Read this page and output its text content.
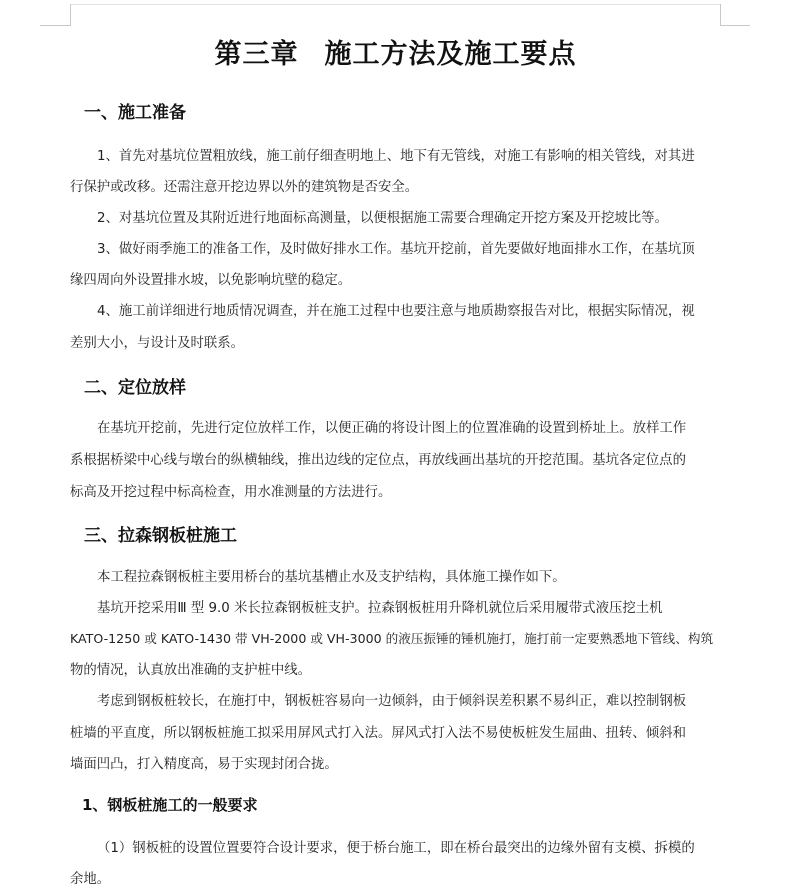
第三章 施工方法及施工要点
一、施工准备
1、首先对基坑位置粗放线，施工前仔细查明地上、地下有无管线，对施工有影响的相关管线，对其进
行保护或改移。还需注意开挖边界以外的建筑物是否安全。
2、对基坑位置及其附近进行地面标高测量，以便根据施工需要合理确定开挖方案及开挖坡比等。
3、做好雨季施工的准备工作，及时做好排水工作。基坑开挖前，首先要做好地面排水工作，在基坑顶
缘四周向外设置排水坡，以免影响坑壁的稳定。
4、施工前详细进行地质情况调查，并在施工过程中也要注意与地质勘察报告对比，根据实际情况，视
差别大小，与设计及时联系。
二、定位放样
在基坑开挖前，先进行定位放样工作，以便正确的将设计图上的位置准确的设置到桥址上。放样工作
系根据桥梁中心线与墩台的纵横轴线，推出边线的定位点，再放线画出基坑的开挖范围。基坑各定位点的
标高及开挖过程中标高检查，用水准测量的方法进行。
三、拉森钢板桩施工
本工程拉森钢板桩主要用桥台的基坑基槽止水及支护结构，具体施工操作如下。
基坑开挖采用Ⅲ 型 9.0 米长拉森钢板桩支护。拉森钢板桩用升降机就位后采用履带式液压挖土机
KATO-1250 或 KATO-1430 带 VH-2000 或 VH-3000 的液压振锤的锤机施打，施打前一定要熟悉地下管线、构筑
物的情况，认真放出准确的支护桩中线。
考虑到钢板桩较长，在施打中，钢板桩容易向一边倾斜，由于倾斜误差积累不易纠正，难以控制钢板
桩墙的平直度，所以钢板桩施工拟采用屏风式打入法。屏风式打入法不易使板桩发生屈曲、扭转、倾斜和
墙面凹凸，打入精度高，易于实现封闭合拢。
1、钢板桩施工的一般要求
（1）钢板桩的设置位置要符合设计要求，便于桥台施工，即在桥台最突出的边缘外留有支模、拆模的
余地。
